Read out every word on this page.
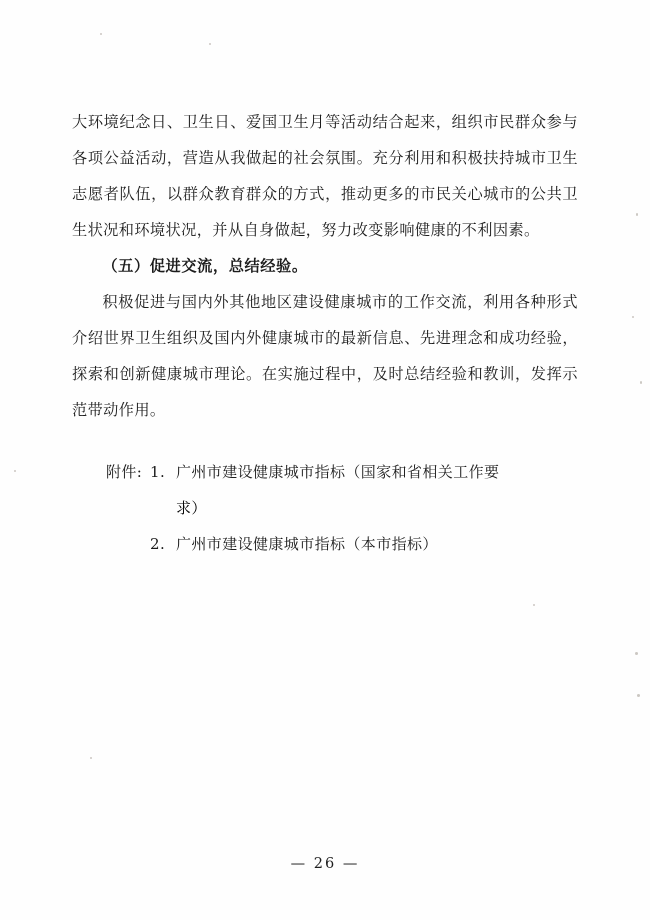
大环境纪念日、卫生日、爱国卫生月等活动结合起来，组织市民群众参与各项公益活动，营造从我做起的社会氛围。充分利用和积极扶持城市卫生志愿者队伍，以群众教育群众的方式，推动更多的市民关心城市的公共卫生状况和环境状况，并从自身做起，努力改变影响健康的不利因素。

（五）促进交流，总结经验。

积极促进与国内外其他地区建设健康城市的工作交流，利用各种形式介绍世界卫生组织及国内外健康城市的最新信息、先进理念和成功经验，探索和创新健康城市理论。在实施过程中，及时总结经验和教训，发挥示范带动作用。

附件: 1. 广州市建设健康城市指标（国家和省相关工作要
求）
2. 广州市建设健康城市指标（本市指标）
— 26 —
